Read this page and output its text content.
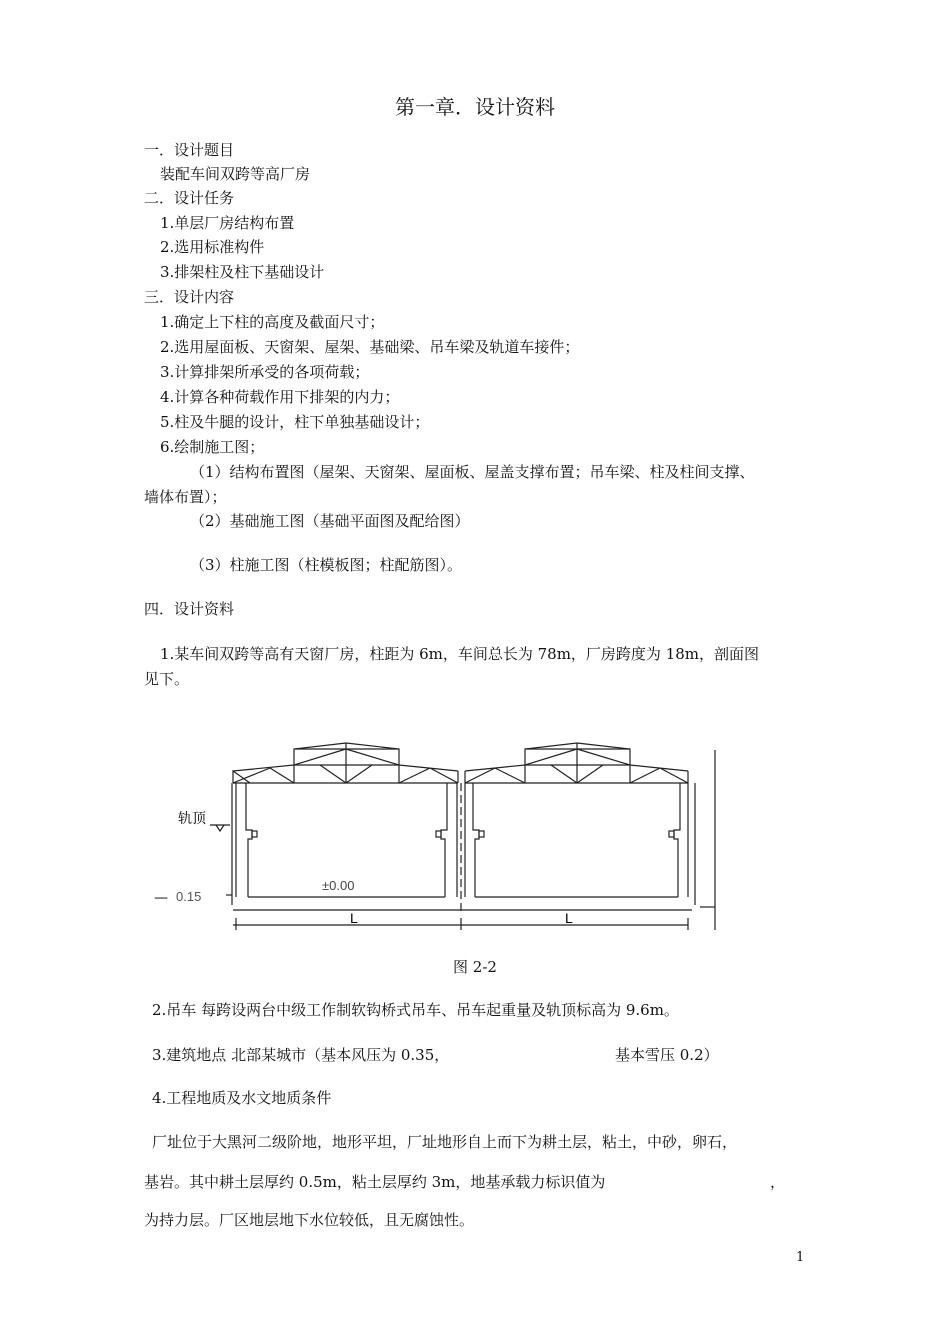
第一章．设计资料
一．设计题目
装配车间双跨等高厂房
二．设计任务
1.单层厂房结构布置
2.选用标准构件
3.排架柱及柱下基础设计
三．设计内容
1.确定上下柱的高度及截面尺寸；
2.选用屋面板、天窗架、屋架、基础梁、吊车梁及轨道车接件；
3.计算排架所承受的各项荷载；
4.计算各种荷载作用下排架的内力；
5.柱及牛腿的设计，柱下单独基础设计；
6.绘制施工图；
（1）结构布置图（屋架、天窗架、屋面板、屋盖支撑布置；吊车梁、柱及柱间支撑、
墙体布置）；
（2）基础施工图（基础平面图及配给图）
（3）柱施工图（柱模板图；柱配筋图）。
四．设计资料
1.某车间双跨等高有天窗厂房，柱距为 6m，车间总长为 78m，厂房跨度为 18m，剖面图
见下。
轨顶
— 0.15
±0.00
L	L
图 2-2
2.吊车 每跨设两台中级工作制软钩桥式吊车、吊车起重量及轨顶标高为 9.6m。
3.建筑地点 北部某城市（基本风压为 0.35，	基本雪压 0.2）
4.工程地质及水文地质条件
厂址位于大黑河二级阶地，地形平坦，厂址地形自上而下为耕土层，粘土，中砂，卵石，
基岩。其中耕土层厚约 0.5m，粘土层厚约 3m，地基承载力标识值为	，
为持力层。厂区地层地下水位较低，且无腐蚀性。
1
